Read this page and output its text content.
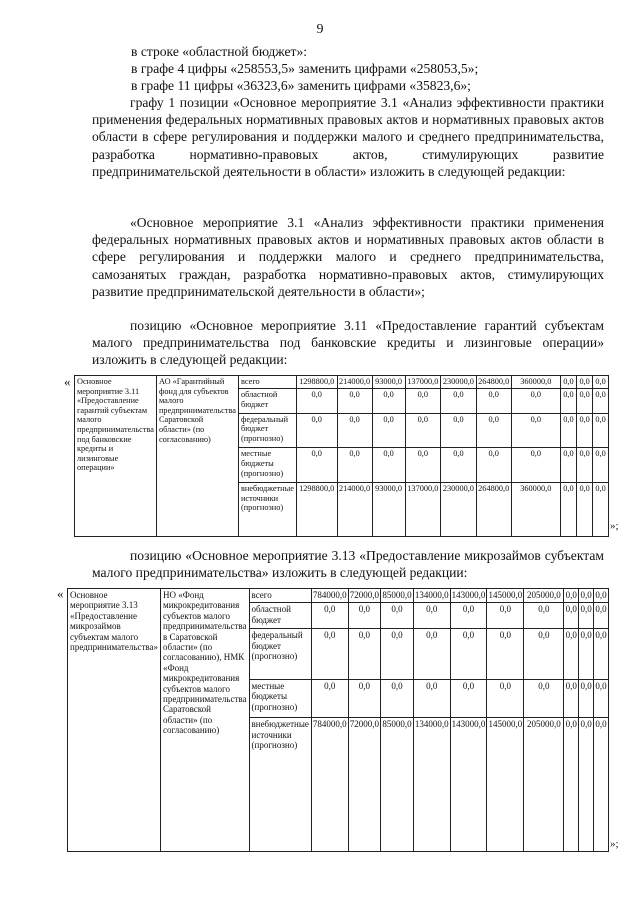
9
в строке «областной бюджет»:
в графе 4 цифры «258553,5» заменить цифрами «258053,5»;
в графе 11 цифры «36323,6» заменить цифрами «35823,6»;

графу 1 позиции «Основное мероприятие 3.1 «Анализ эффективности практики применения федеральных нормативных правовых актов и нормативных правовых актов области в сфере регулирования и поддержки малого и среднего предпринимательства, разработка нормативно-правовых актов, стимулирующих развитие предпринимательской деятельности в области» изложить в следующей редакции:

«Основное мероприятие 3.1 «Анализ эффективности практики применения федеральных нормативных правовых актов и нормативных правовых актов области в сфере регулирования и поддержки малого и среднего предпринимательства, самозанятых граждан, разработка нормативно-правовых актов, стимулирующих развитие предпринимательской деятельности в области»;

позицию «Основное мероприятие 3.11 «Предоставление гарантий субъектам малого предпринимательства под банковские кредиты и лизинговые операции» изложить в следующей редакции:

« Основное мероприятие 3.11 «Предоставление гарантий субъектам малого предпринимательства под банковские кредиты и лизинговые операции»	АО «Гарантийный фонд для субъектов малого предпринимательства Саратовской области» (по согласованию)	всего	1298800,0	214000,0	93000,0	137000,0	230000,0	264800,0	360000,0	0,0	0,0	0,0
		областной бюджет	0,0	0,0	0,0	0,0	0,0	0,0	0,0	0,0	0,0	0,0
		федеральный бюджет (прогнозно)	0,0	0,0	0,0	0,0	0,0	0,0	0,0	0,0	0,0	0,0
		местные бюджеты (прогнозно)	0,0	0,0	0,0	0,0	0,0	0,0	0,0	0,0	0,0	0,0
		внебюджетные источники (прогнозно)	1298800,0	214000,0	93000,0	137000,0	230000,0	264800,0	360000,0	0,0	0,0	0,0
»;

позицию «Основное мероприятие 3.13 «Предоставление микрозаймов субъектам малого предпринимательства» изложить в следующей редакции:

« Основное мероприятие 3.13 «Предоставление микрозаймов субъектам малого предпринимательства»	НО «Фонд микрокредитования субъектов малого предпринимательства в Саратовской области» (по согласованию), НМК «Фонд микрокредитования субъектов малого предпринимательства Саратовской области» (по согласованию)	всего	784000,0	72000,0	85000,0	134000,0	143000,0	145000,0	205000,0	0,0	0,0	0,0
		областной бюджет	0,0	0,0	0,0	0,0	0,0	0,0	0,0	0,0	0,0	0,0
		федеральный бюджет (прогнозно)	0,0	0,0	0,0	0,0	0,0	0,0	0,0	0,0	0,0	0,0
		местные бюджеты (прогнозно)	0,0	0,0	0,0	0,0	0,0	0,0	0,0	0,0	0,0	0,0
		внебюджетные источники (прогнозно)	784000,0	72000,0	85000,0	134000,0	143000,0	145000,0	205000,0	0,0	0,0	0,0
»;
